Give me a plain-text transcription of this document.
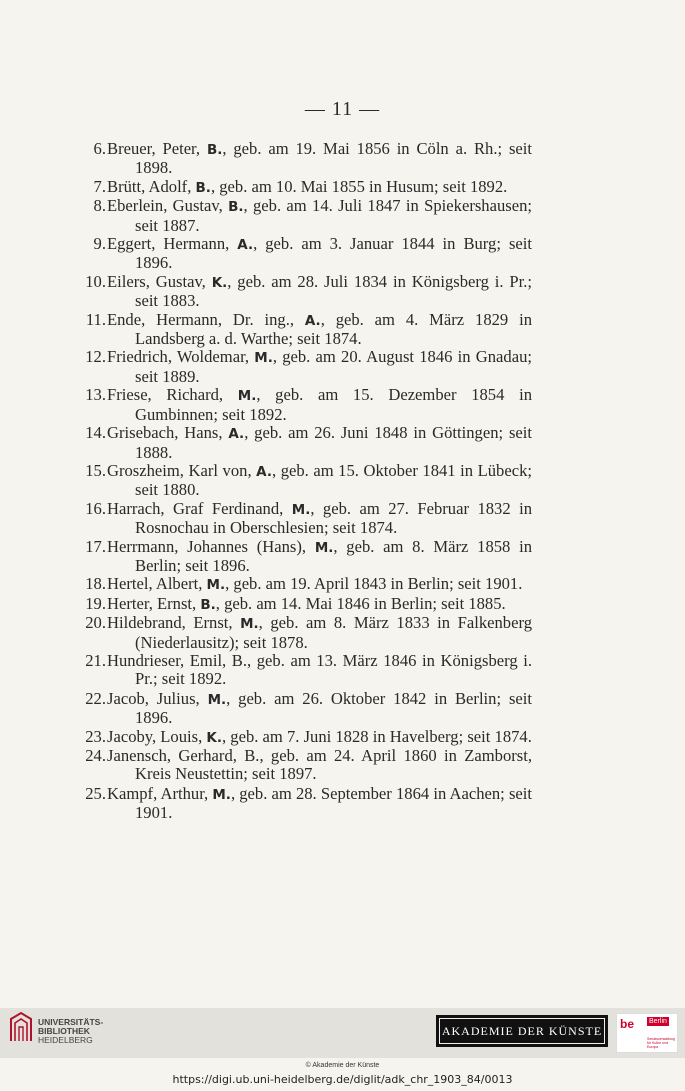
— 11 —

6. Breuer, Peter, B., geb. am 19. Mai 1856 in Cöln a. Rh.; seit 1898.

7. Brütt, Adolf, B., geb. am 10. Mai 1855 in Husum; seit 1892.

8. Eberlein, Gustav, B., geb. am 14. Juli 1847 in Spiekershausen; seit 1887.

9. Eggert, Hermann, A., geb. am 3. Januar 1844 in Burg; seit 1896.

10. Eilers, Gustav, K., geb. am 28. Juli 1834 in Königsberg i. Pr.; seit 1883.

11. Ende, Hermann, Dr. ing., A., geb. am 4. März 1829 in Landsberg a. d. Warthe; seit 1874.

12. Friedrich, Woldemar, M., geb. am 20. August 1846 in Gnadau; seit 1889.

13. Friese, Richard, M., geb. am 15. Dezember 1854 in Gumbinnen; seit 1892.

14. Grisebach, Hans, A., geb. am 26. Juni 1848 in Göttingen; seit 1888.

15. Groszheim, Karl von, A., geb. am 15. Oktober 1841 in Lübeck; seit 1880.

16. Harrach, Graf Ferdinand, M., geb. am 27. Februar 1832 in Rosnochau in Oberschlesien; seit 1874.

17. Herrmann, Johannes (Hans), M., geb. am 8. März 1858 in Berlin; seit 1896.

18. Hertel, Albert, M., geb. am 19. April 1843 in Berlin; seit 1901.

19. Herter, Ernst, B., geb. am 14. Mai 1846 in Berlin; seit 1885.

20. Hildebrand, Ernst, M., geb. am 8. März 1833 in Falkenberg (Niederlausitz); seit 1878.

21. Hundrieser, Emil, B., geb. am 13. März 1846 in Königsberg i. Pr.; seit 1892.

22. Jacob, Julius, M., geb. am 26. Oktober 1842 in Berlin; seit 1896.

23. Jacoby, Louis, K., geb. am 7. Juni 1828 in Havelberg; seit 1874.

24. Janensch, Gerhard, B., geb. am 24. April 1860 in Zamborst, Kreis Neustettin; seit 1897.

25. Kampf, Arthur, M., geb. am 28. September 1864 in Aachen; seit 1901.

UNIVERSITÄTS-
BIBLIOTHEK
HEIDELBERG
AKADEMIE DER KÜNSTE be Berlin
Senatsverwaltung für Kultur und Europa
© Akademie der Künste
https://digi.ub.uni-heidelberg.de/diglit/adk_chr_1903_84/0013
